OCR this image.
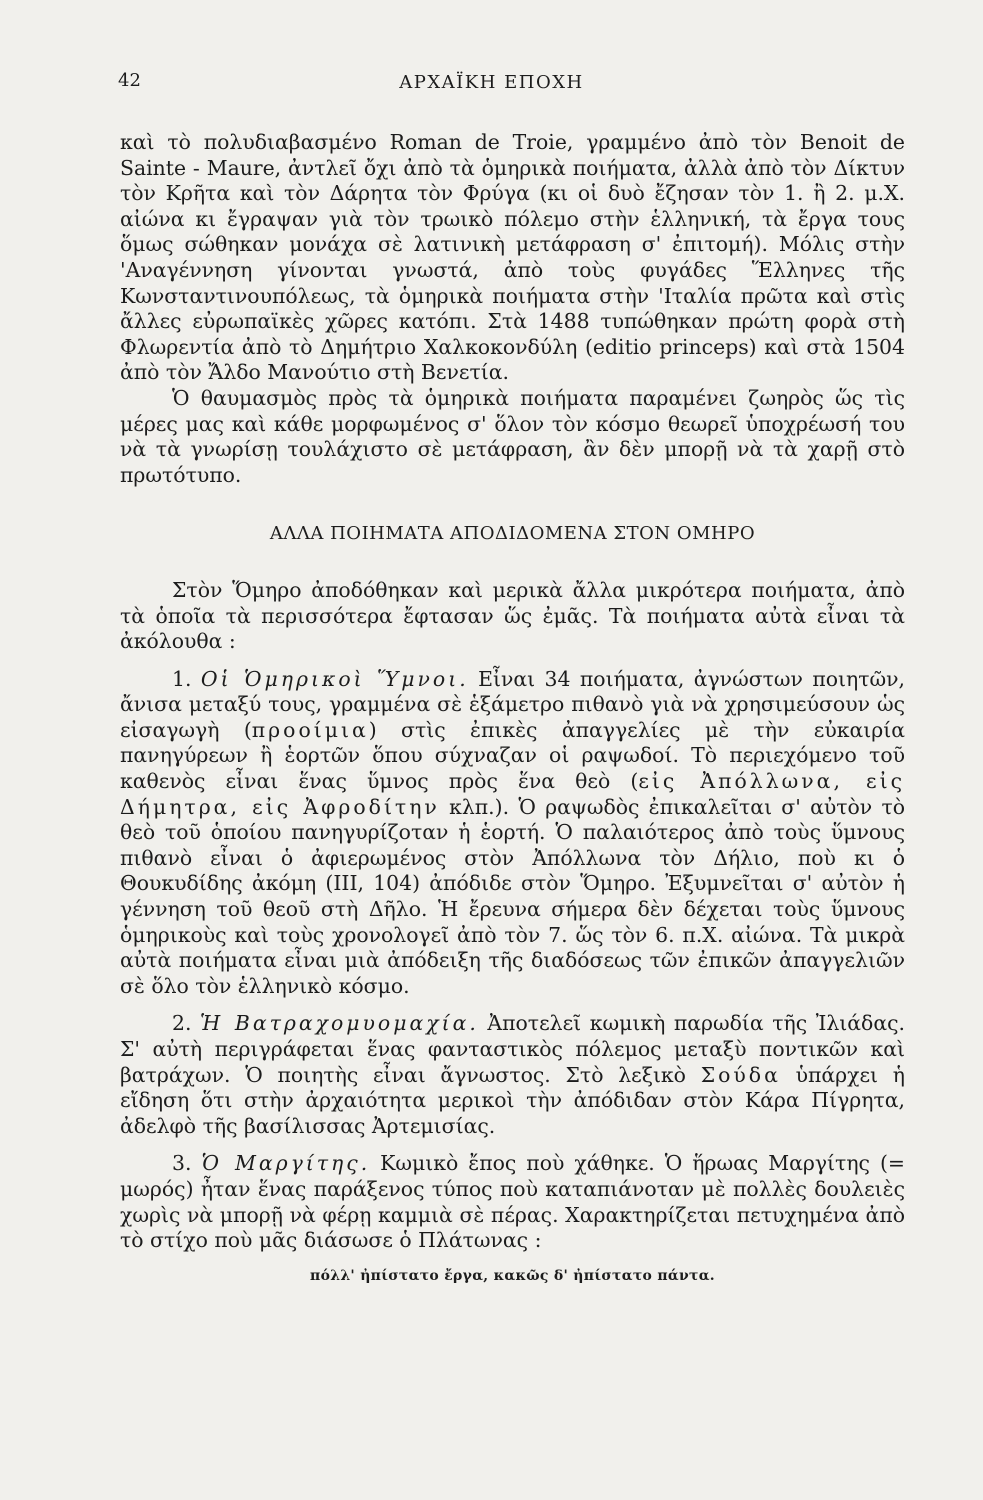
42	ΑΡΧΑΪΚΗ ΕΠΟΧΗ

καὶ τὸ πολυδιαβασμένο Roman de Troie, γραμμένο ἀπὸ τὸν Benoit de Sainte - Maure, ἀντλεῖ ὄχι ἀπὸ τὰ ὁμηρικὰ ποιήματα, ἀλλὰ ἀπὸ τὸν Δίκτυν τὸν Κρῆτα καὶ τὸν Δάρητα τὸν Φρύγα (κι οἱ δυὸ ἔζησαν τὸν 1. ἢ 2. μ.Χ. αἰώνα κι ἔγραψαν γιὰ τὸν τρωικὸ πόλεμο στὴν ἑλληνική, τὰ ἔργα τους ὅμως σώθηκαν μονάχα σὲ λατινικὴ μετάφραση σ' ἐπιτομή). Μόλις στὴν 'Αναγέννηση γίνονται γνωστά, ἀπὸ τοὺς φυγάδες Ἕλληνες τῆς Κωνσταντινουπόλεως, τὰ ὁμηρικὰ ποιήματα στὴν 'Ιταλία πρῶτα καὶ στὶς ἄλλες εὐρωπαϊκὲς χῶρες κατόπι. Στὰ 1488 τυπώθηκαν πρώτη φορὰ στὴ Φλωρεντία ἀπὸ τὸ Δημήτριο Χαλκοκονδύλη (editio princeps) καὶ στὰ 1504 ἀπὸ τὸν Ἄλδο Μανούτιο στὴ Βενετία.

Ὁ θαυμασμὸς πρὸς τὰ ὁμηρικὰ ποιήματα παραμένει ζωηρὸς ὥς τὶς μέρες μας καὶ κάθε μορφωμένος σ' ὅλον τὸν κόσμο θεωρεῖ ὑποχρέωσή του νὰ τὰ γνωρίσῃ τουλάχιστο σὲ μετάφραση, ἂν δὲν μπορῇ νὰ τὰ χαρῇ στὸ πρωτότυπο.

ΑΛΛΑ ΠΟΙΗΜΑΤΑ ΑΠΟΔΙΔΟΜΕΝΑ ΣΤΟΝ ΟΜΗΡΟ

Στὸν Ὅμηρο ἀποδόθηκαν καὶ μερικὰ ἄλλα μικρότερα ποιήματα, ἀπὸ τὰ ὁποῖα τὰ περισσότερα ἔφτασαν ὥς ἐμᾶς. Τὰ ποιήματα αὐτὰ εἶναι τὰ ἀκόλουθα :

1. Οἱ Ὁμηρικοὶ Ὕμνοι. Εἶναι 34 ποιήματα, ἀγνώστων ποιητῶν, ἄνισα μεταξύ τους, γραμμένα σὲ ἑξάμετρο πιθανὸ γιὰ νὰ χρησιμεύσουν ὡς εἰσαγωγὴ (προοίμια) στὶς ἐπικὲς ἀπαγγελίες μὲ τὴν εὐκαιρία πανηγύρεων ἢ ἑορτῶν ὅπου σύχναζαν οἱ ραψωδοί. Τὸ περιεχόμενο τοῦ καθενὸς εἶναι ἕνας ὕμνος πρὸς ἕνα θεὸ (εἰς Ἀπόλλωνα, εἰς Δήμητρα, εἰς Ἀφροδίτην κλπ.). Ὁ ραψωδὸς ἐπικαλεῖται σ' αὐτὸν τὸ θεὸ τοῦ ὁποίου πανηγυρίζοταν ἡ ἑορτή. Ὁ παλαιότερος ἀπὸ τοὺς ὕμνους πιθανὸ εἶναι ὁ ἀφιερωμένος στὸν Ἀπόλλωνα τὸν Δήλιο, ποὺ κι ὁ Θουκυδίδης ἀκόμη (III, 104) ἀπόδιδε στὸν Ὅμηρο. Ἐξυμνεῖται σ' αὐτὸν ἡ γέννηση τοῦ θεοῦ στὴ Δῆλο. Ἡ ἔρευνα σήμερα δὲν δέχεται τοὺς ὕμνους ὁμηρικοὺς καὶ τοὺς χρονολογεῖ ἀπὸ τὸν 7. ὥς τὸν 6. π.Χ. αἰώνα. Τὰ μικρὰ αὐτὰ ποιήματα εἶναι μιὰ ἀπόδειξη τῆς διαδόσεως τῶν ἐπικῶν ἀπαγγελιῶν σὲ ὅλο τὸν ἑλληνικὸ κόσμο.

2. Ἡ Βατραχομυομαχία. Ἀποτελεῖ κωμικὴ παρωδία τῆς Ἰλιάδας. Σ' αὐτὴ περιγράφεται ἕνας φανταστικὸς πόλεμος μεταξὺ ποντικῶν καὶ βατράχων. Ὁ ποιητὴς εἶναι ἄγνωστος. Στὸ λεξικὸ Σούδα ὑπάρχει ἡ εἴδηση ὅτι στὴν ἀρχαιότητα μερικοὶ τὴν ἀπόδιδαν στὸν Κάρα Πίγρητα, ἀδελφὸ τῆς βασίλισσας Ἀρτεμισίας.

3. Ὁ Μαργίτης. Κωμικὸ ἔπος ποὺ χάθηκε. Ὁ ἥρωας Μαργίτης (= μωρός) ἦταν ἕνας παράξενος τύπος ποὺ καταπιάνοταν μὲ πολλὲς δουλειὲς χωρὶς νὰ μπορῇ νὰ φέρῃ καμμιὰ σὲ πέρας. Χαρακτηρίζεται πετυχημένα ἀπὸ τὸ στίχο ποὺ μᾶς διάσωσε ὁ Πλάτωνας :

πόλλ' ἠπίστατο ἔργα, κακῶς δ' ἠπίστατο πάντα.
